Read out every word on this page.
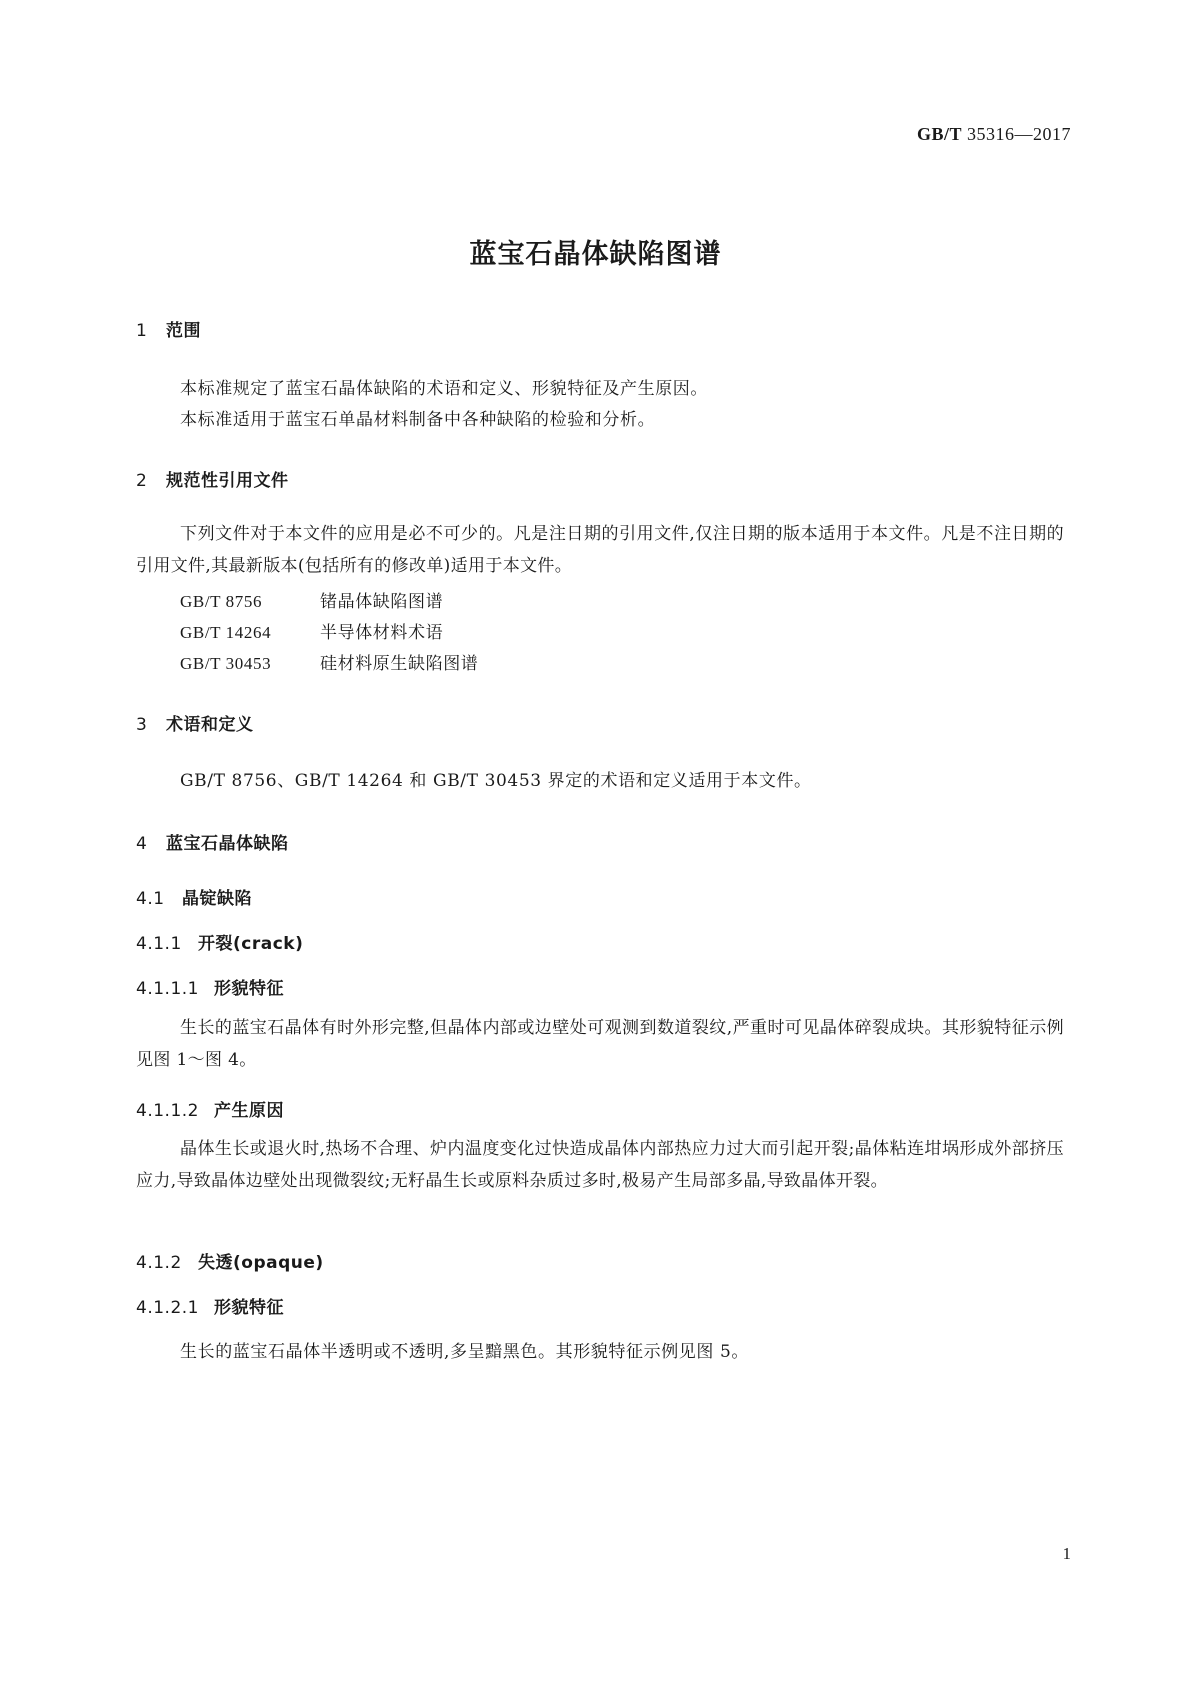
GB/T 35316—2017
蓝宝石晶体缺陷图谱
1 范围
本标准规定了蓝宝石晶体缺陷的术语和定义、形貌特征及产生原因。
本标准适用于蓝宝石单晶材料制备中各种缺陷的检验和分析。
2 规范性引用文件
下列文件对于本文件的应用是必不可少的。凡是注日期的引用文件,仅注日期的版本适用于本文件。凡是不注日期的引用文件,其最新版本(包括所有的修改单)适用于本文件。
GB/T 8756	锗晶体缺陷图谱
GB/T 14264	半导体材料术语
GB/T 30453	硅材料原生缺陷图谱
3 术语和定义
GB/T 8756、GB/T 14264 和 GB/T 30453 界定的术语和定义适用于本文件。
4 蓝宝石晶体缺陷
4.1 晶锭缺陷
4.1.1 开裂(crack)
4.1.1.1 形貌特征
生长的蓝宝石晶体有时外形完整,但晶体内部或边壁处可观测到数道裂纹,严重时可见晶体碎裂成块。其形貌特征示例见图 1～图 4。
4.1.1.2 产生原因
晶体生长或退火时,热场不合理、炉内温度变化过快造成晶体内部热应力过大而引起开裂;晶体粘连坩埚形成外部挤压应力,导致晶体边壁处出现微裂纹;无籽晶生长或原料杂质过多时,极易产生局部多晶,导致晶体开裂。
4.1.2 失透(opaque)
4.1.2.1 形貌特征
生长的蓝宝石晶体半透明或不透明,多呈黯黑色。其形貌特征示例见图 5。
1
